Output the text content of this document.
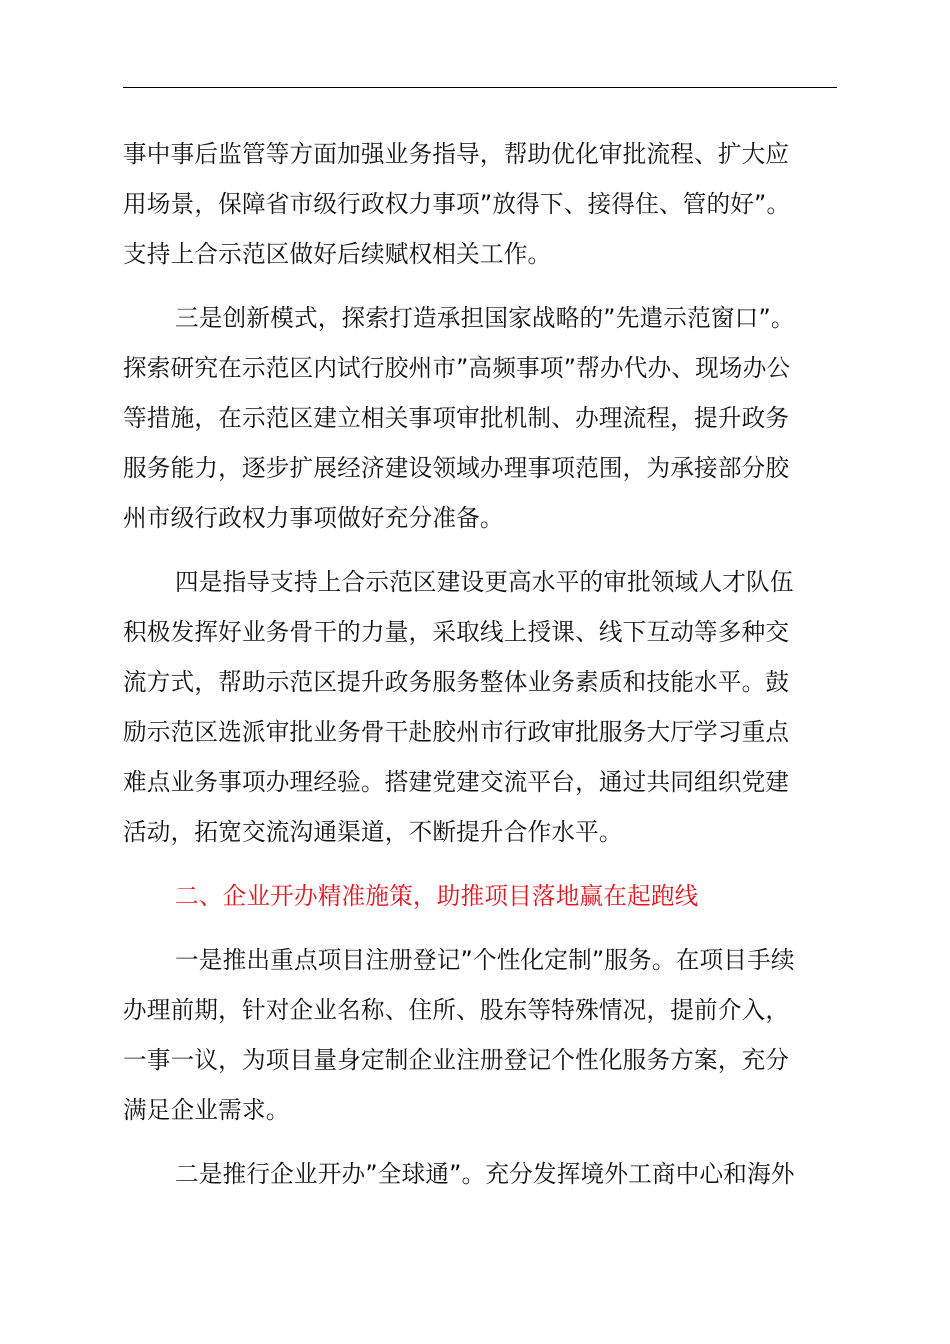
事中事后监管等方面加强业务指导，帮助优化审批流程、扩大应
用场景，保障省市级行政权力事项”放得下、接得住、管的好”。
支持上合示范区做好后续赋权相关工作。

三是创新模式，探索打造承担国家战略的”先遣示范窗口”。
探索研究在示范区内试行胶州市”高频事项”帮办代办、现场办公
等措施，在示范区建立相关事项审批机制、办理流程，提升政务
服务能力，逐步扩展经济建设领域办理事项范围，为承接部分胶
州市级行政权力事项做好充分准备。

四是指导支持上合示范区建设更高水平的审批领域人才队伍
积极发挥好业务骨干的力量，采取线上授课、线下互动等多种交
流方式，帮助示范区提升政务服务整体业务素质和技能水平。鼓
励示范区选派审批业务骨干赴胶州市行政审批服务大厅学习重点
难点业务事项办理经验。搭建党建交流平台，通过共同组织党建
活动，拓宽交流沟通渠道，不断提升合作水平。

二、企业开办精准施策，助推项目落地赢在起跑线

一是推出重点项目注册登记”个性化定制”服务。在项目手续
办理前期，针对企业名称、住所、股东等特殊情况，提前介入，
一事一议，为项目量身定制企业注册登记个性化服务方案，充分
满足企业需求。

二是推行企业开办”全球通”。充分发挥境外工商中心和海外
